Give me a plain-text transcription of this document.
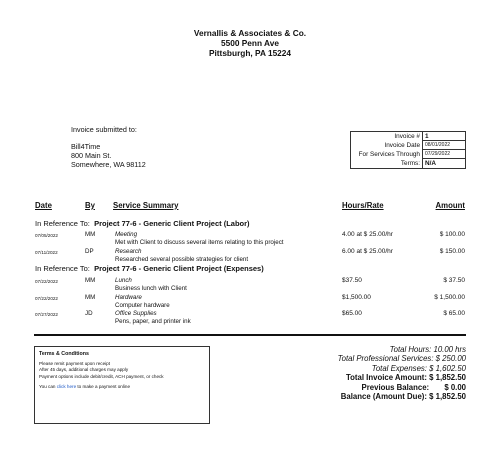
Vernallis & Associates & Co.
5500 Penn Ave
Pittsburgh, PA 15224
Invoice submitted to:
Bill4Time
800 Main St.
Somewhere, WA 98112
Invoice # 1
Invoice Date	08/01/2022
For Services Through	07/29/2022
Terms: N/A
Date	By Service Summary	Hours/Rate	Amount
In Reference To: Project 77-6 - Generic Client Project (Labor)
07/05/2022	MM	Meeting
Met with Client to discuss several items relating to this project
4.00 at $ 25.00/hr	$ 100.00
07/11/2022	DP	Research
Researched several possible strategies for client
6.00 at $ 25.00/hr	$ 150.00
In Reference To: Project 77-6 - Generic Client Project (Expenses)
07/22/2022	MM	Lunch
Business lunch with Client
$37.50	$ 37.50
07/22/2022	MM	Hardware
Computer hardware
$1,500.00	$ 1,500.00
07/27/2022	JD	Office Supplies
Pens, paper, and printer ink
$65.00	$ 65.00
Terms & Conditions
Please remit payment upon receipt
After 45 days, additional charges may apply
Payment options include debit/credit, ACH payment, or check
You can click here to make a payment online
Total Hours: 10.00 hrs
Total Professional Services: $ 250.00
Total Expenses: $ 1,602.50
Total Invoice Amount: $ 1,852.50
Previous Balance:       $ 0.00
Balance (Amount Due): $ 1,852.50
